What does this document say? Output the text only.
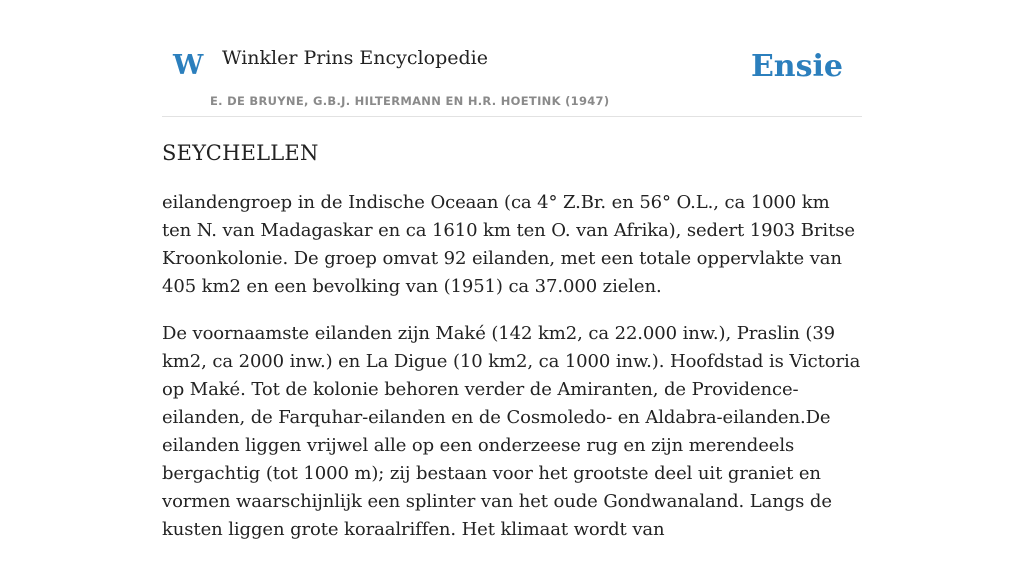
W Winkler Prins Encyclopedie
E. DE BRUYNE, G.B.J. HILTERMANN EN H.R. HOETINK (1947)
Ensie
SEYCHELLEN

eilandengroep in de Indische Oceaan (ca 4° Z.Br. en 56° O.L., ca 1000 km ten N. van Madagaskar en ca 1610 km ten O. van Afrika), sedert 1903 Britse Kroonkolonie. De groep omvat 92 eilanden, met een totale oppervlakte van 405 km2 en een bevolking van (1951) ca 37.000 zielen.

De voornaamste eilanden zijn Maké (142 km2, ca 22.000 inw.), Praslin (39 km2, ca 2000 inw.) en La Digue (10 km2, ca 1000 inw.). Hoofdstad is Victoria op Maké. Tot de kolonie behoren verder de Amiranten, de Providence-eilanden, de Farquhar-eilanden en de Cosmoledo- en Aldabra-eilanden.De eilanden liggen vrijwel alle op een onderzeese rug en zijn merendeels bergachtig (tot 1000 m); zij bestaan voor het grootste deel uit graniet en vormen waarschijnlijk een splinter van het oude Gondwanaland. Langs de kusten liggen grote koraalriffen. Het klimaat wordt van
